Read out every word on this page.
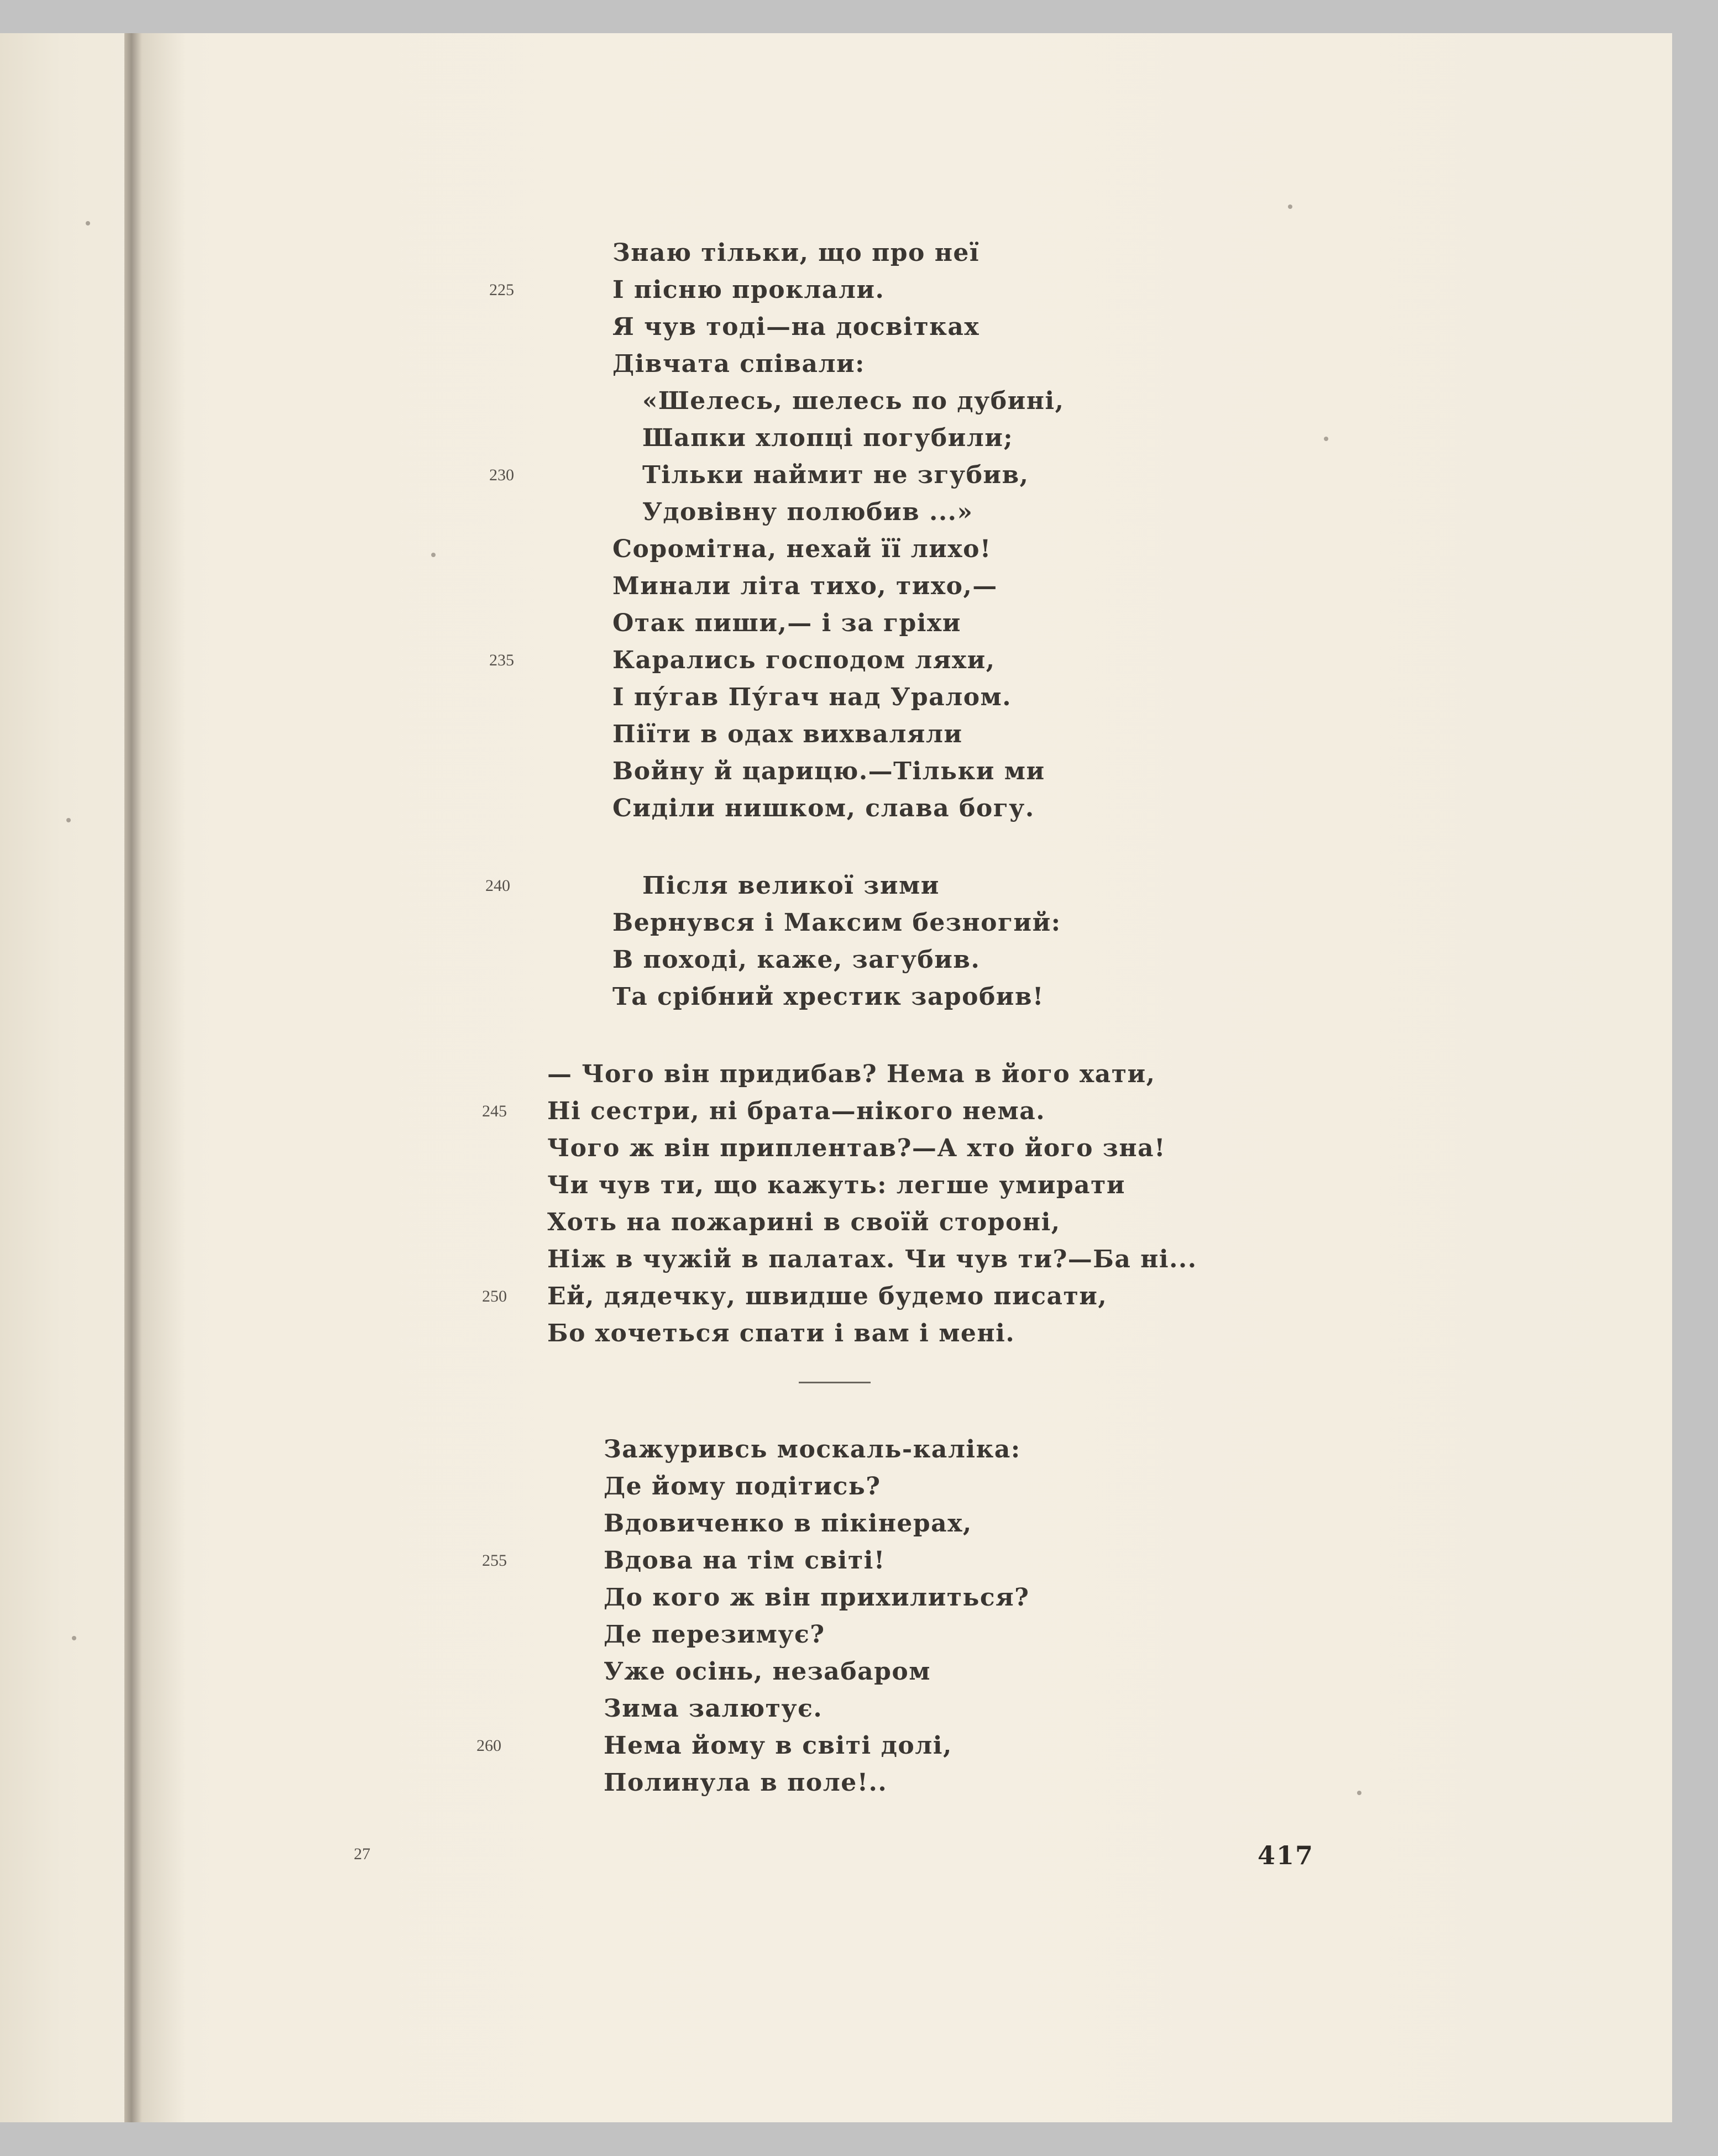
Знаю тільки, що про неї
225	І пісню проклали.
Я чув тоді—на досвітках
Дівчата співали:
«Шелесь, шелесь по дубині,
Шапки хлопці погубили;
230	Тільки наймит не згубив,
Удовівну полюбив ...»
Соромітна, нехай її лихо!
Минали літа тихо, тихо,—
Отак пиши,— і за гріхи
235	Карались господом ляхи,
І пу́гав Пу́гач над Уралом.
Піїти в одах вихваляли
Войну й царицю.—Тільки ми
Сиділи нишком, слава богу.
240	Після великої зими
Вернувся і Максим безногий:
В поході, каже, загубив.
Та срібний хрестик заробив!
— Чого він придибав? Нема в його хати,
245 Ні сестри, ні брата—нікого нема.
Чого ж він приплентав?—А хто його зна!
Чи чув ти, що кажуть: легше умирати
Хоть на пожарині в своїй стороні,
Ніж в чужій в палатах. Чи чув ти?—Ба ні...
250 Ей, дядечку, швидше будемо писати,
Бо хочеться спати і вам і мені.
Зажуривсь москаль-каліка:
Де йому подітись?
Вдовиченко в пікінерах,
255	Вдова на тім світі!
До кого ж він прихилиться?
Де перезимує?
Уже осінь, незабаром
Зима залютує.
260	Нема йому в світі долі,
Полинула в поле!..
27	417
